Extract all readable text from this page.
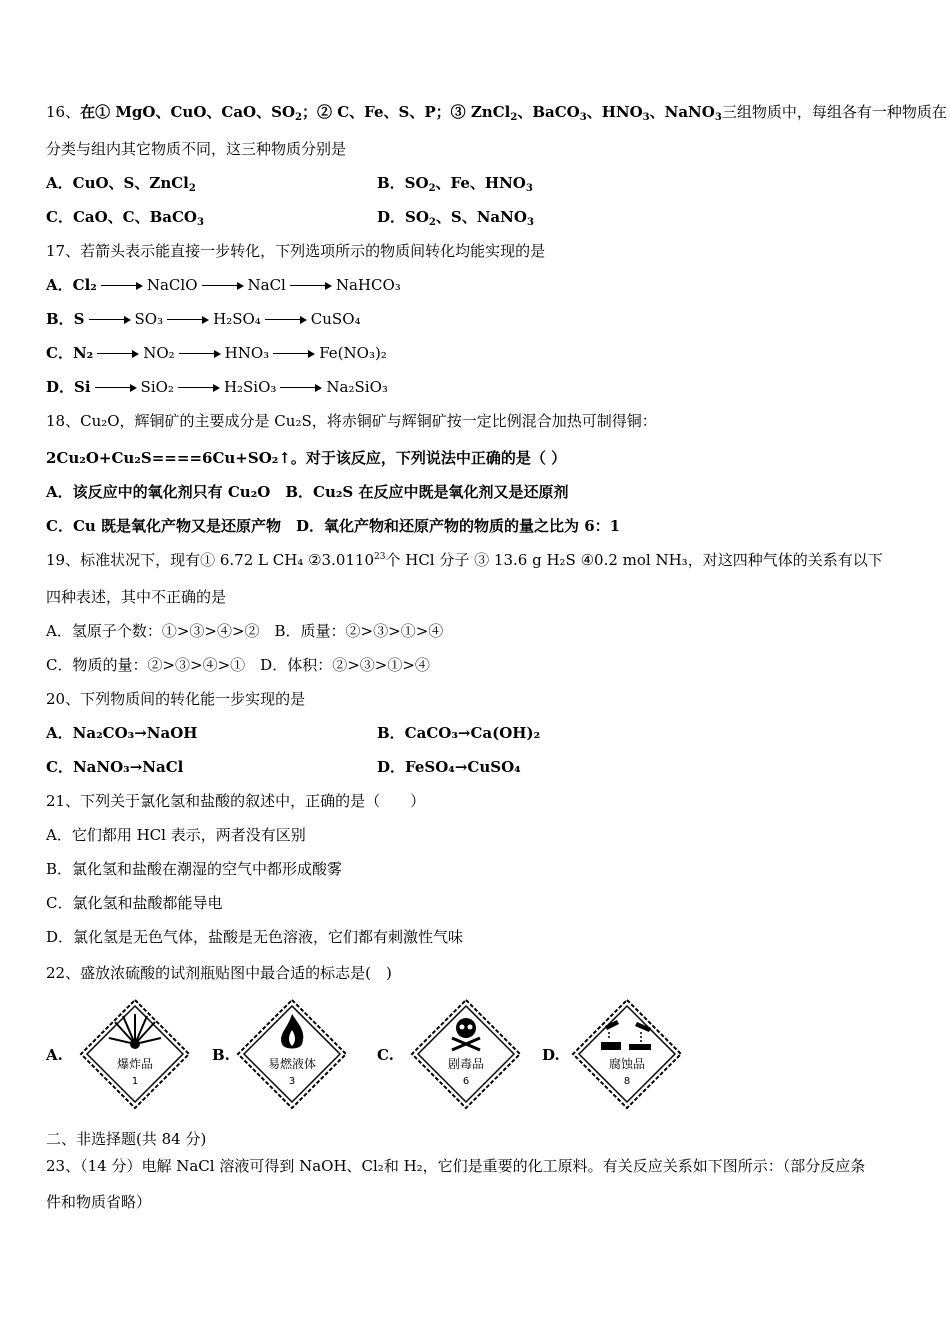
16、在① MgO、CuO、CaO、$SO_2$；② C、Fe、S、P；③ ZnCl$_2$、BaCO$_3$、$HNO_3$、NaNO$_3$三组物质中，每组各有一种物质在
分类与组内其它物质不同，这三种物质分别是
A．CuO、S、ZnCl$_2$	B．$SO_2$、Fe、$HNO_3$
C．CaO、C、BaCO$_3$	D．$SO_2$、S、NaNO$_3$
17、若箭头表示能直接一步转化，下列选项所示的物质间转化均能实现的是
A．Cl₂	NaClO	NaCl	NaHCO₃
B．S	SO₃	H₂SO₄	CuSO₄
C．N₂	NO₂	HNO₃	Fe(NO₃)₂
D．Si	SiO₂	H₂SiO₃	Na₂SiO₃
18、Cu₂O，辉铜矿的主要成分是 Cu₂S，将赤铜矿与辉铜矿按一定比例混合加热可制得铜：
2Cu₂O+Cu₂S====6Cu+SO₂↑。对于该反应，下列说法中正确的是（ ）
A．该反应中的氧化剂只有 Cu₂O　B．Cu₂S 在反应中既是氧化剂又是还原剂
C．Cu 既是氧化产物又是还原产物　D．氧化产物和还原产物的物质的量之比为 6：1
19、标准状况下，现有① 6.72 L CH₄ ②3.0110$^{23}$个 HCl 分子 ③ 13.6 g H₂S ④0.2 mol NH₃，对这四种气体的关系有以下
四种表述，其中不正确的是
A．氢原子个数：①>③>④>②　B．质量：②>③>①>④
C．物质的量：②>③>④>①　D．体积：②>③>①>④
20、下列物质间的转化能一步实现的是
A．Na₂CO₃→NaOH	B．CaCO₃→Ca(OH)₂
C．NaNO₃→NaCl	D．FeSO₄→CuSO₄
21、下列关于氯化氢和盐酸的叙述中，正确的是（　　）
A．它们都用 HCl 表示，两者没有区别
B．氯化氢和盐酸在潮湿的空气中都形成酸雾
C．氯化氢和盐酸都能导电
D．氯化氢是无色气体，盐酸是无色溶液，它们都有刺激性气味
22、盛放浓硫酸的试剂瓶贴图中最合适的标志是(　)
A.	爆炸品
1
B.	易燃液体
3
C.	剧毒品
6
D.	腐蚀品
8
二、非选择题(共 84 分)
23、（14 分）电解 NaCl 溶液可得到 NaOH、Cl₂和 H₂，它们是重要的化工原料。有关反应关系如下图所示：（部分反应条
件和物质省略）
